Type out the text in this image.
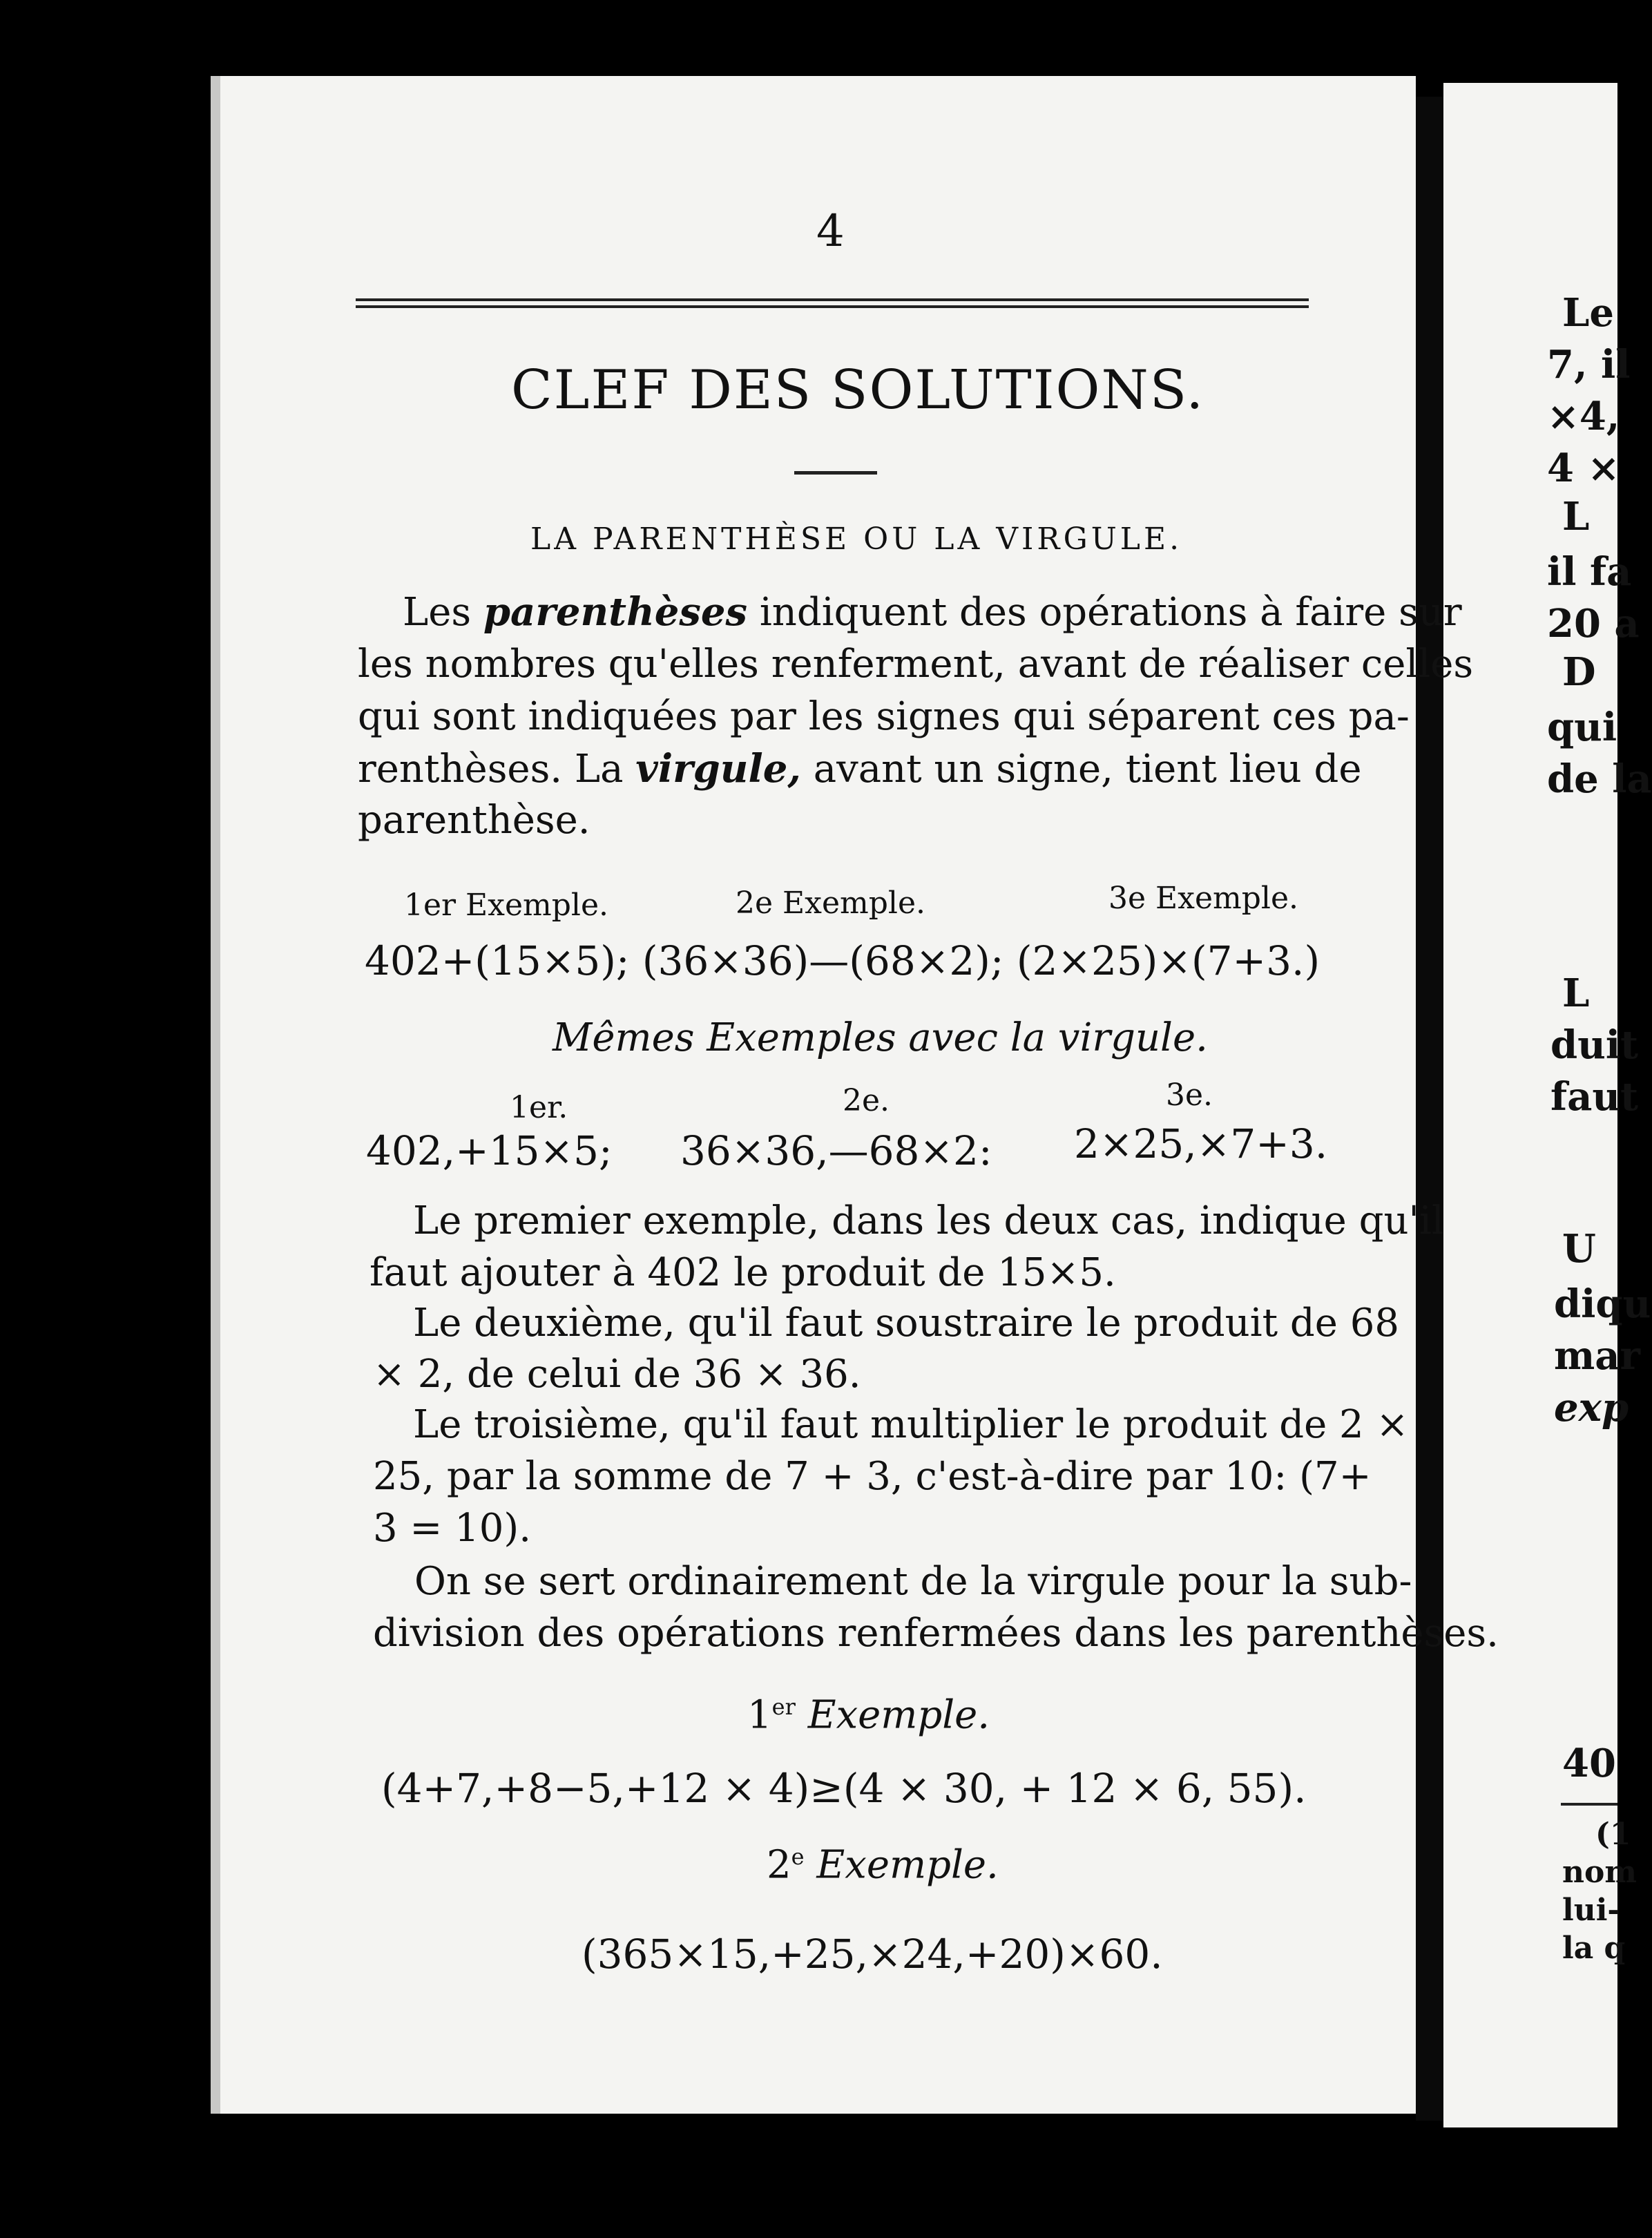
4
CLEF DES SOLUTIONS.
LA PARENTHÈSE OU LA VIRGULE.
Les parenthèses indiquent des opérations à faire sur
les nombres qu'elles renferment, avant de réaliser celles
qui sont indiquées par les signes qui séparent ces pa-
renthèses. La virgule, avant un signe, tient lieu de
parenthèse.
1er Exemple.	2e Exemple.	3e Exemple.
402+(15×5); (36×36)—(68×2); (2×25)×(7+3.)
Mêmes Exemples avec la virgule.
1er.	2e.	3e.
402,+15×5; 36×36,—68×2: 2×25,×7+3.
Le premier exemple, dans les deux cas, indique qu'il
faut ajouter à 402 le produit de 15×5.
Le deuxième, qu'il faut soustraire le produit de 68
× 2, de celui de 36 × 36.
Le troisième, qu'il faut multiplier le produit de 2 ×
25, par la somme de 7 + 3, c'est-à-dire par 10: (7+
3 = 10).
On se sert ordinairement de la virgule pour la sub-
division des opérations renfermées dans les parenthèses.
1er Exemple.
(4+7,+8−5,+12 × 4)≥(4 × 30, + 12 × 6, 55).
2e Exemple.
(365×15,+25,×24,+20)×60.
Le
7, il
×4,
4 ×
L
il fa
20 a
D
qui
de la
L
duit
faut
U
diqu
mar
exp
40
(1
nom
lui-
la q
